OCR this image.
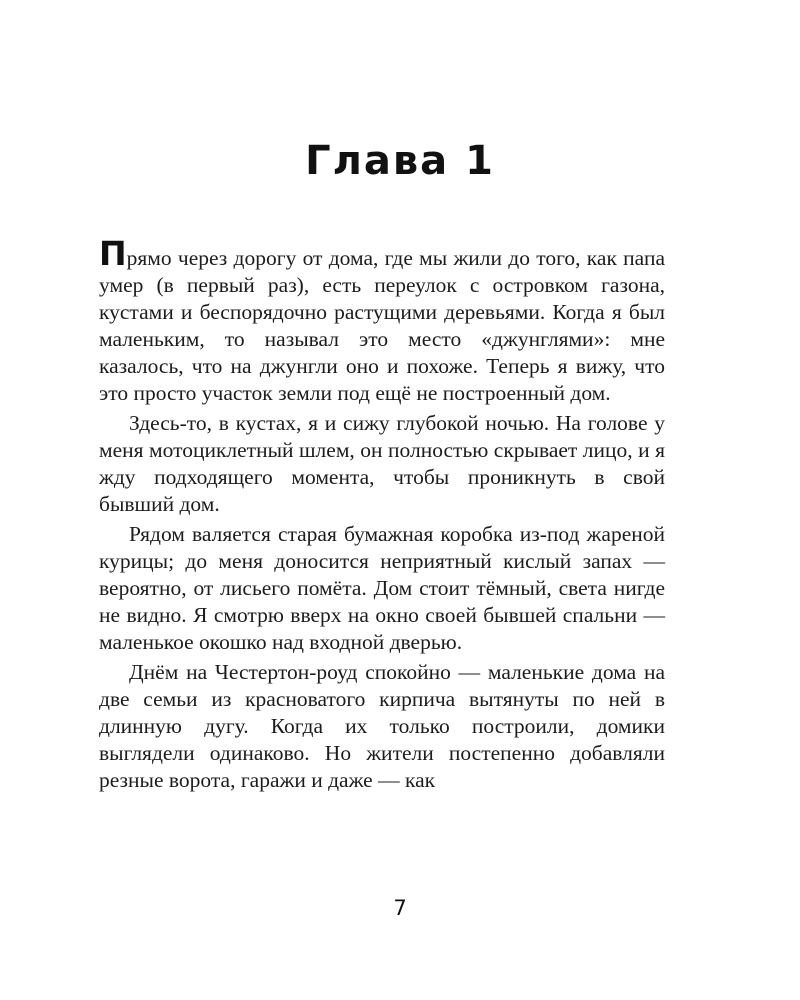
Глава 1

Прямо через дорогу от дома, где мы жили до того, как папа умер (в первый раз), есть переулок с островком газона, кустами и беспорядочно растущими деревьями. Когда я был маленьким, то называл это место «джунглями»: мне казалось, что на джунгли оно и похоже. Теперь я вижу, что это просто участок земли под ещё не построенный дом.

Здесь-то, в кустах, я и сижу глубокой ночью. На голове у меня мотоциклетный шлем, он полностью скрывает лицо, и я жду подходящего момента, чтобы проникнуть в свой бывший дом.

Рядом валяется старая бумажная коробка из-под жареной курицы; до меня доносится неприятный кислый запах — вероятно, от лисьего помёта. Дом стоит тёмный, света нигде не видно. Я смотрю вверх на окно своей бывшей спальни — маленькое окошко над входной дверью.

Днём на Честертон-роуд спокойно — маленькие дома на две семьи из красноватого кирпича вытянуты по ней в длинную дугу. Когда их только построили, домики выглядели одинаково. Но жители постепенно добавляли резные ворота, гаражи и даже — как

7
